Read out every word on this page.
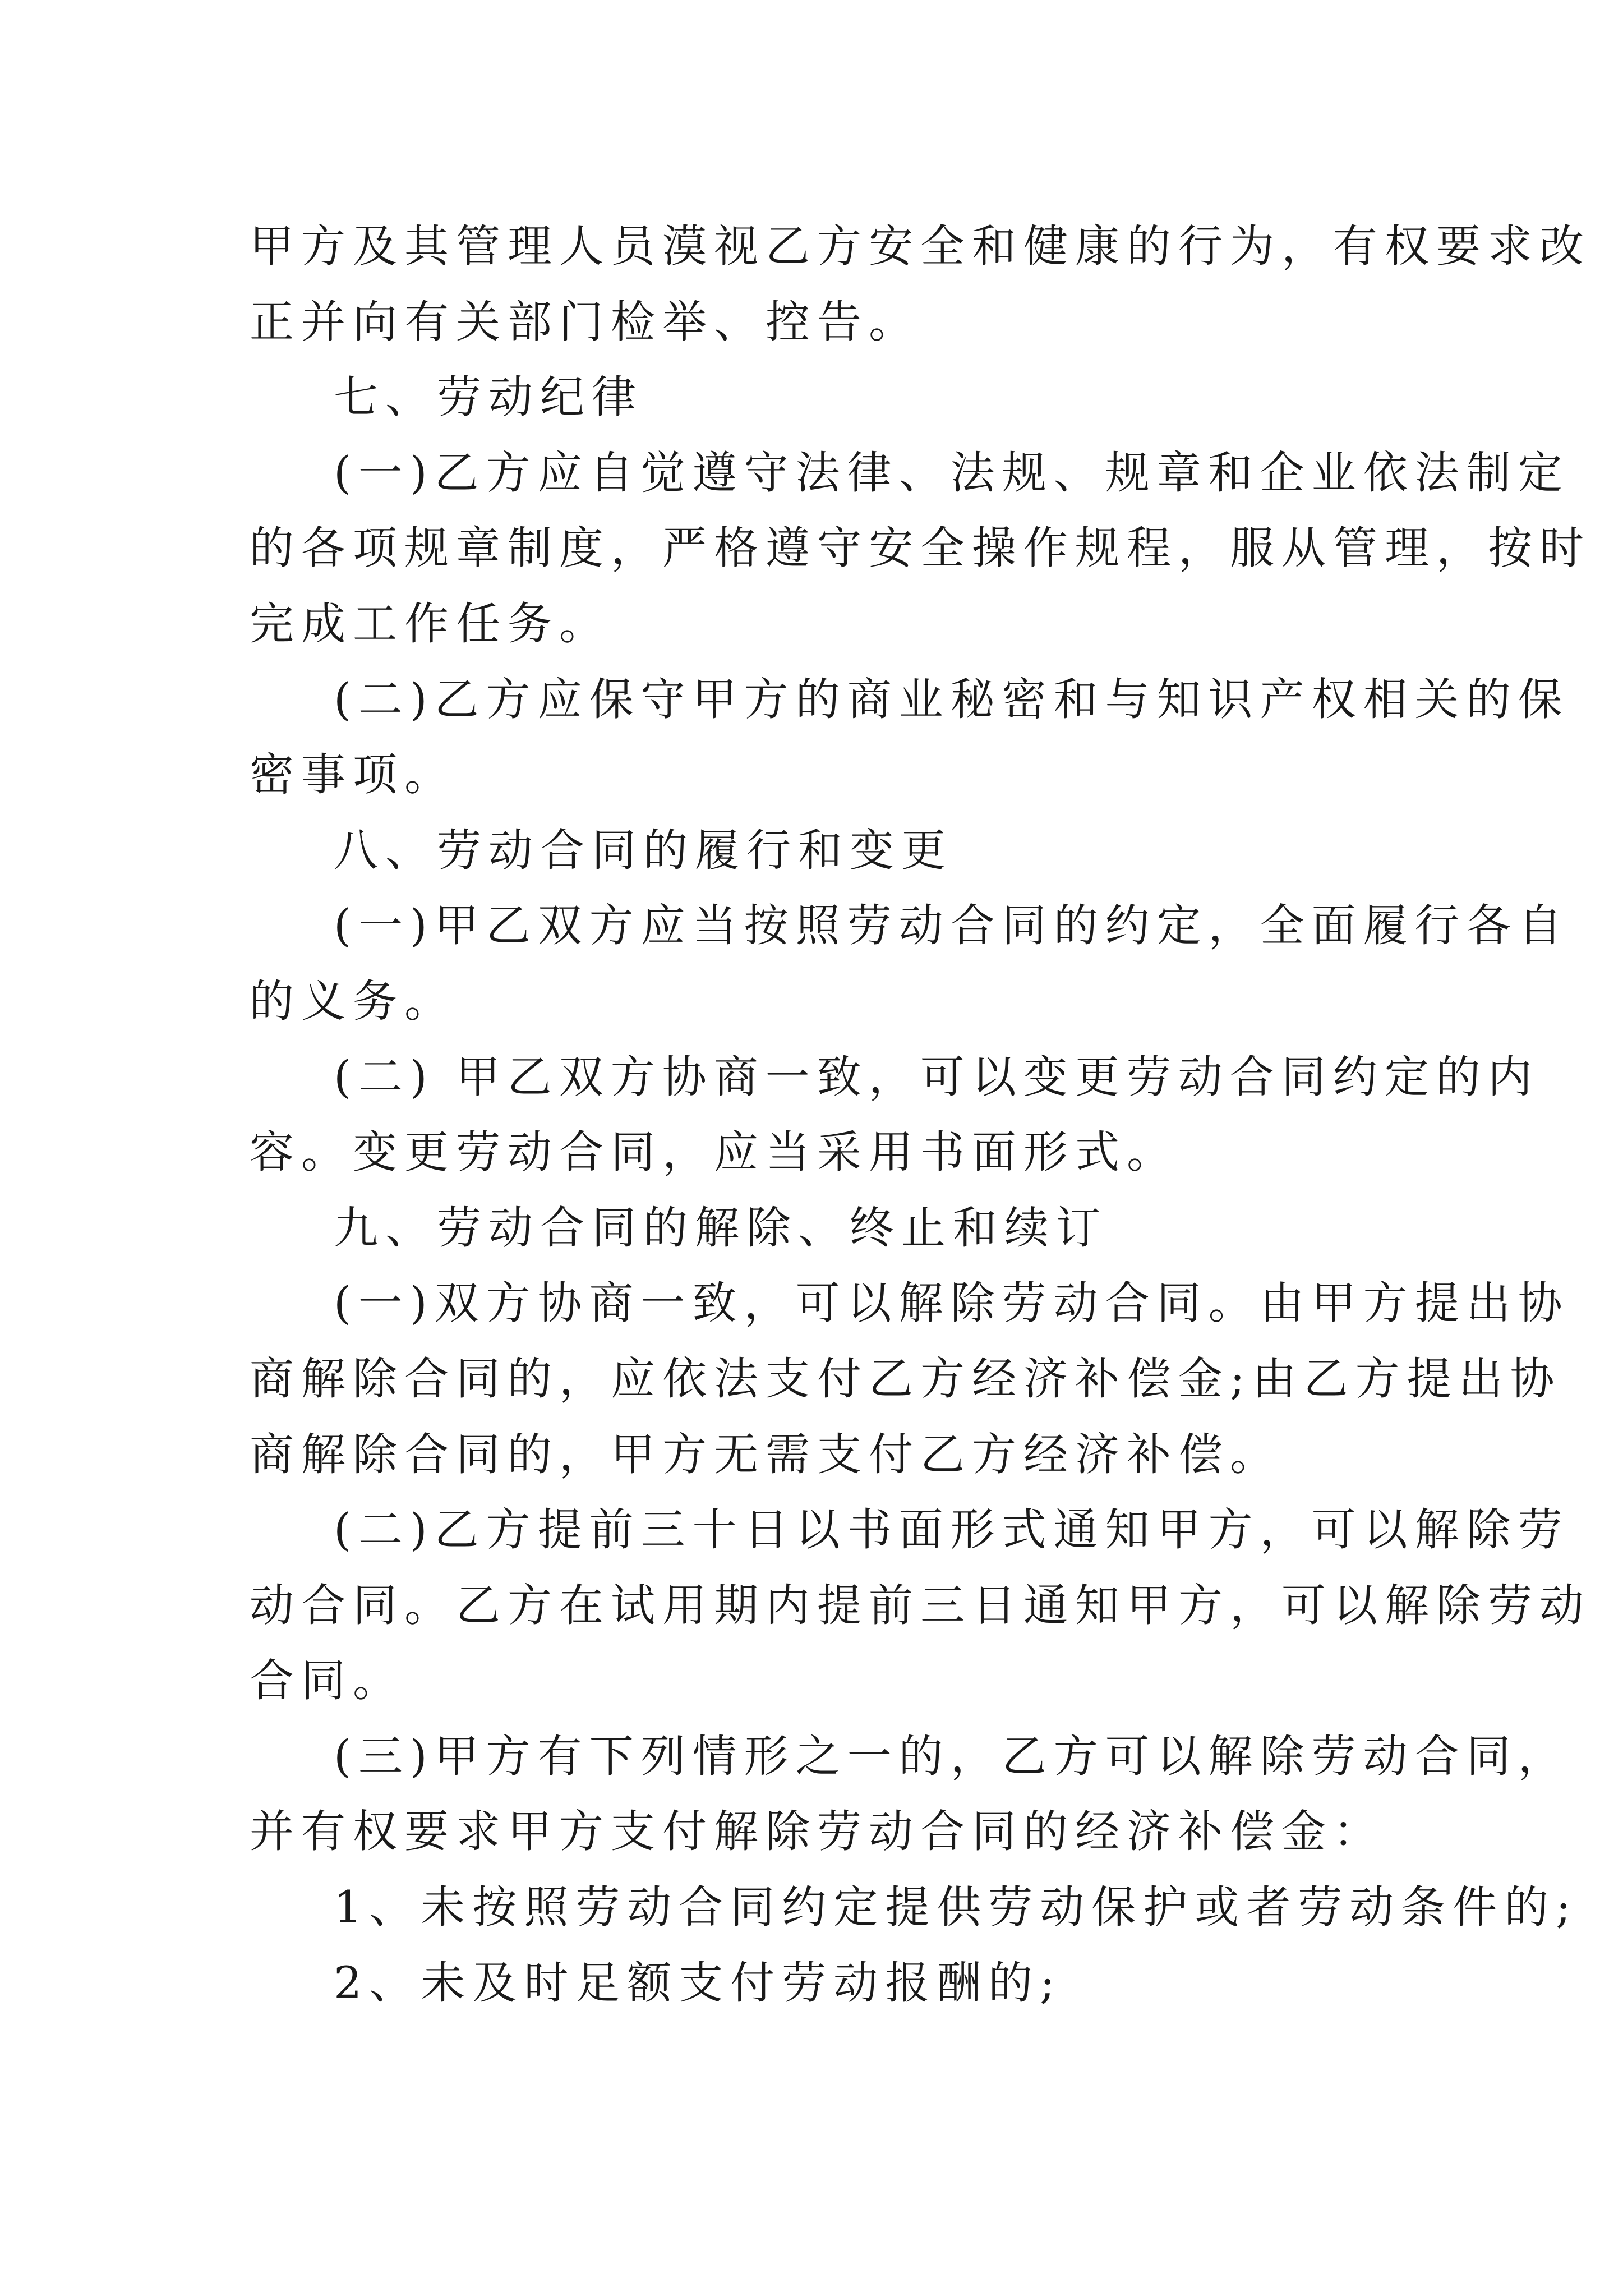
甲方及其管理人员漠视乙方安全和健康的行为，有权要求改
正并向有关部门检举、控告。
七、劳动纪律
(一)乙方应自觉遵守法律、法规、规章和企业依法制定
的各项规章制度，严格遵守安全操作规程，服从管理，按时
完成工作任务。
(二)乙方应保守甲方的商业秘密和与知识产权相关的保
密事项。
八、劳动合同的履行和变更
(一)甲乙双方应当按照劳动合同的约定，全面履行各自
的义务。
(二) 甲乙双方协商一致，可以变更劳动合同约定的内
容。变更劳动合同，应当采用书面形式。
九、劳动合同的解除、终止和续订
(一)双方协商一致，可以解除劳动合同。由甲方提出协
商解除合同的，应依法支付乙方经济补偿金;由乙方提出协
商解除合同的，甲方无需支付乙方经济补偿。
(二)乙方提前三十日以书面形式通知甲方，可以解除劳
动合同。乙方在试用期内提前三日通知甲方，可以解除劳动
合同。
(三)甲方有下列情形之一的，乙方可以解除劳动合同，
并有权要求甲方支付解除劳动合同的经济补偿金：
1、未按照劳动合同约定提供劳动保护或者劳动条件的;
2、未及时足额支付劳动报酬的;
